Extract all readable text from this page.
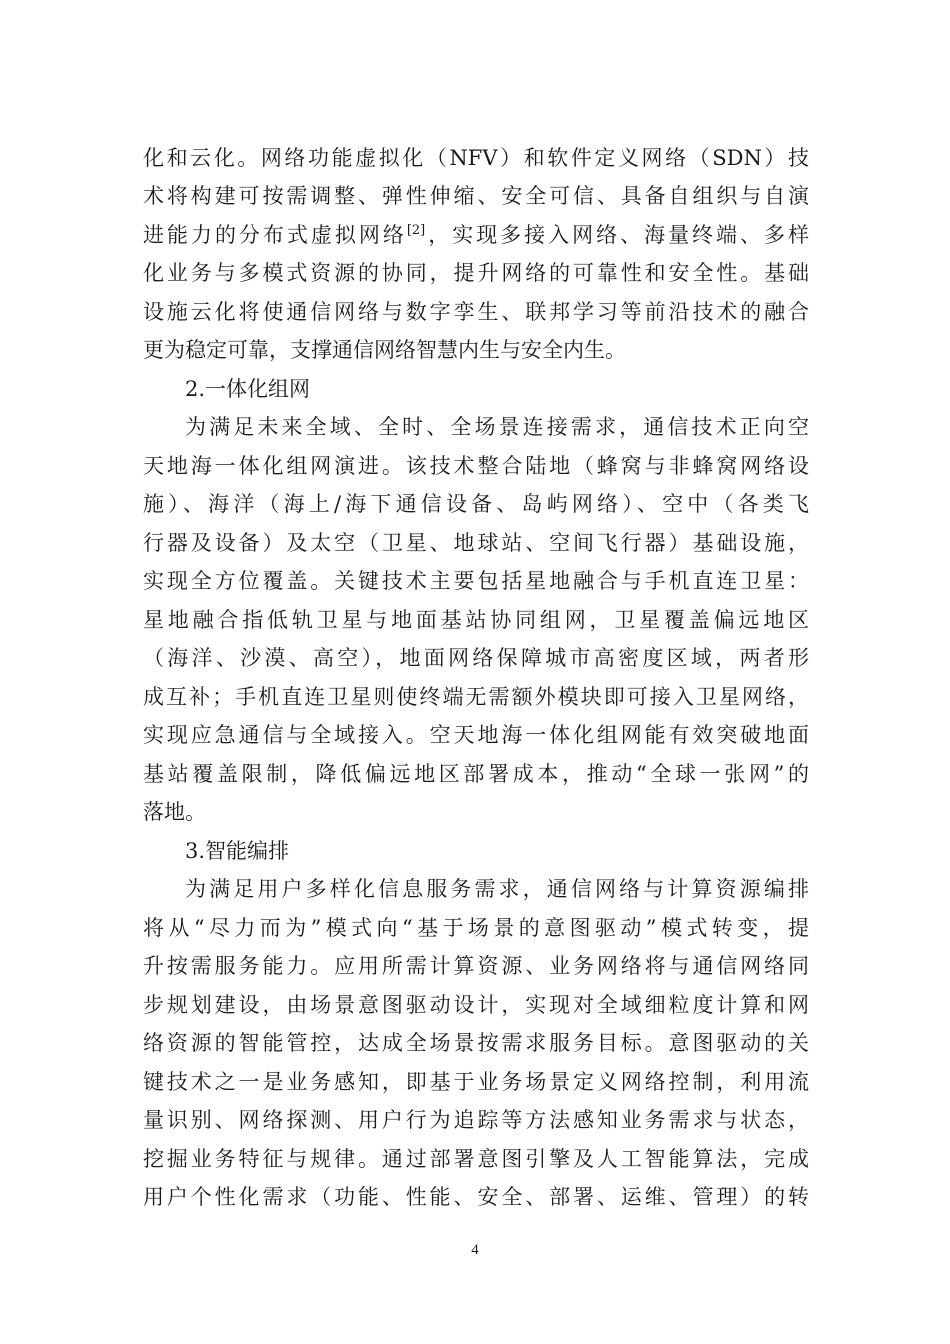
化和云化。网络功能虚拟化（NFV）和软件定义网络（SDN）技
术将构建可按需调整、弹性伸缩、安全可信、具备自组织与自演
进能力的分布式虚拟网络[2]，实现多接入网络、海量终端、多样
化业务与多模式资源的协同，提升网络的可靠性和安全性。基础
设施云化将使通信网络与数字孪生、联邦学习等前沿技术的融合
更为稳定可靠，支撑通信网络智慧内生与安全内生。
2.一体化组网
为满足未来全域、全时、全场景连接需求，通信技术正向空
天地海一体化组网演进。该技术整合陆地（蜂窝与非蜂窝网络设
施）、海洋（海上/海下通信设备、岛屿网络）、空中（各类飞
行器及设备）及太空（卫星、地球站、空间飞行器）基础设施，
实现全方位覆盖。关键技术主要包括星地融合与手机直连卫星：
星地融合指低轨卫星与地面基站协同组网，卫星覆盖偏远地区
（海洋、沙漠、高空），地面网络保障城市高密度区域，两者形
成互补；手机直连卫星则使终端无需额外模块即可接入卫星网络，
实现应急通信与全域接入。空天地海一体化组网能有效突破地面
基站覆盖限制，降低偏远地区部署成本，推动“全球一张网”的
落地。
3.智能编排
为满足用户多样化信息服务需求，通信网络与计算资源编排
将从“尽力而为”模式向“基于场景的意图驱动”模式转变，提
升按需服务能力。应用所需计算资源、业务网络将与通信网络同
步规划建设，由场景意图驱动设计，实现对全域细粒度计算和网
络资源的智能管控，达成全场景按需求服务目标。意图驱动的关
键技术之一是业务感知，即基于业务场景定义网络控制，利用流
量识别、网络探测、用户行为追踪等方法感知业务需求与状态，
挖掘业务特征与规律。通过部署意图引擎及人工智能算法，完成
用户个性化需求（功能、性能、安全、部署、运维、管理）的转
4
